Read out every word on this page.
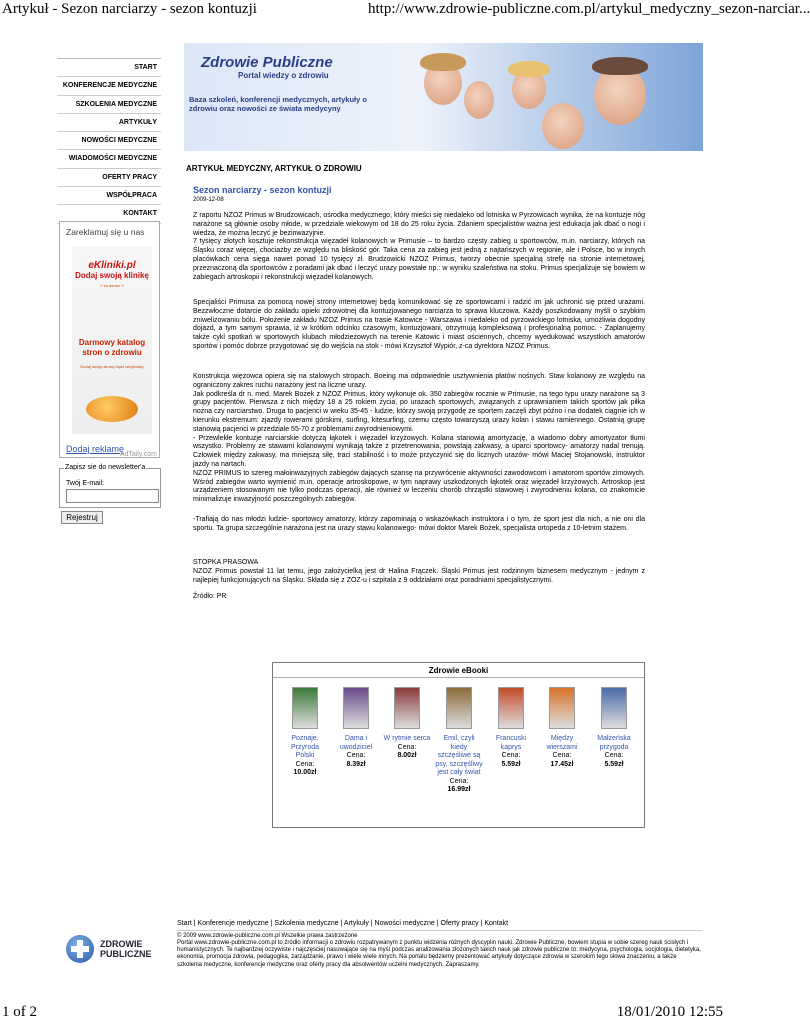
Artykuł - Sezon narciarzy - sezon kontuzji	http://www.zdrowie-publiczne.com.pl/artykul_medyczny_sezon-narciar...
START
KONFERENCJE MEDYCZNE
SZKOLENIA MEDYCZNE
ARTYKUŁY
NOWOŚCI MEDYCZNE
WIADOMOŚCI MEDYCZNE
OFERTY PRACY
WSPÓŁPRACA
KONTAKT
Zareklamuj się u nas
eKliniki.pl
Dodaj swoją klinikę
!! za darmo !!
Darmowy katalog stron o zdrowiu
Dodaj swoją stronę bądź wizytówkę
Dodaj reklamę
AdTaily.com
Zapisz sie do newsletter'a
Twój E-mail:
Rejestruj
Zdrowie Publiczne
Portal wiedzy o zdrowiu
Baza szkoleń, konferencji medycznych, artykuły o zdrowiu oraz nowości ze świata medycyny
ARTYKUŁ MEDYCZNY, ARTYKUŁ O ZDROWIU
Sezon narciarzy - sezon kontuzji
2009-12-08

Z raportu NZOZ Primus w Brudzowicach, ośrodka medycznego, który mieści się niedaleko od lotniska w Pyrzowicach wynika, że na kontuzje nóg narażone są głównie osoby młode, w przedziale wiekowym od 18 do 25 roku życia. Zdaniem specjalistów ważna jest edukacja jak dbać o nogi i wiedza, że można leczyć je bezinwazyjnie.

7 tysięcy złotych kosztuje rekonstrukcja więzadeł kolanowych w Primusie – to bardzo częsty zabieg u sportowców, m.in. narciarzy, których na Śląsku coraz więcej, chociażby ze względu na bliskość gór. Taka cena za zabieg jest jedną z najtańszych w regionie, ale i Polsce, bo w innych placówkach cena sięga nawet ponad 10 tysięcy zł. Brudzowicki NZOZ Primus, tworzy obecnie specjalną strefę na stronie internetowej, przeznaczoną dla sportowców z poradami jak dbać i leczyć urazy powstałe np.: w wyniku szaleństwa na stoku. Primus specjalizuje się bowiem w zabiegach artroskopii i rekonstrukcji więzadeł kolanowych.

Specjaliści Primusa za pomocą nowej strony internetowej będą komunikować się ze sportowcami i radzić im jak uchronić się przed urazami. Bezzwłoczne dotarcie do zakładu opieki zdrowotnej dla kontuzjowanego narciarza to sprawa kluczowa. Każdy poszkodowany myśli o szybkim zniwelizowaniu bólu. Położenie zakładu NZOZ Primus na trasie Katowice - Warszawa i niedaleko od pyrzowickiego lotniska, umożliwia dogodny dojazd, a tym samym sprawia, iż w krótkim odcinku czasowym, kontuzjowani, otrzymują kompleksową i profesjonalną pomoc. - Zaplanujemy także cykl spotkań w sportowych klubach młodzieżowych na terenie Katowic i miast ościennych, chcemy wyedukować wszystkich amatorów sportów i pomóc dobrze przygotować się do wejścia na stok - mówi Krzysztof Wypiór, z-ca dyrektora NZOZ Primus.

Konstrukcja więzowca opiera się na stalowych stropach. Boeing ma odpowiednie usztywnienia płatów nośnych. Staw kolanowy ze względu na ograniczony zakres ruchu narażony jest na liczne urazy.

Jak podkreśla dr n. med. Marek Bożek z NZOZ Primus, który wykonuje ok. 350 zabiegów rocznie w Primusie, na tego typu urazy narażone są 3 grupy pacjentów. Pierwsza z nich między 18 a 25 rokiem życia, po urazach sportowych, związanych z uprawnianiem takich sportów jak piłka nożna czy narciarstwo. Druga to pacjenci w wieku 35-45 - ludzie, którzy swoją przygodę ze sportem zaczęli zbyt późno i na dodatek ciągnie ich w kierunku ekstremum: zjazdy rowerami górskimi, surfing, kitesurfing, czemu często towarzyszą urazy kolan i stawu ramiennego. Ostatnią grupę stanowią pacjenci w przedziale 55-70 z problemami zwyrodnieniowymi.

- Przewlekłe kontuzje narciarskie dotyczą łąkotek i więzadeł krzyżowych. Kolana stanowią amortyzację, a wiadomo dobry amortyzator tłumi wszystko. Problemy ze stawami kolanowymi wynikają także z przetrenowania, powstają zakwasy, a uparci sportowcy- amatorzy nadal trenują. Człowiek między zakwasy, ma mniejszą siłę, traci stabilność i to może przyczynić się do licznych urazów- mówi Maciej Stojanowski, instruktor jazdy na nartach.

NZOZ PRIMUS to szereg małoinwazyjnych zabiegów dających szansę na przywrócenie aktywności zawodowcom i amatorom sportów zimowych. Wśród zabiegów warto wymienić m.in. operacje artroskopowe, w tym naprawy uszkodzonych łąkotek oraz więzadeł krzyżowych. Artroskop jest urządzeniem stosowanym nie tylko podczas operacji, ale również w leczeniu chorób chrząstki stawowej i zwyrodnieniu kolana, co znakomicie minimalizuje inwazyjność poszczególnych zabiegów.

-Trafiają do nas młodzi ludzie- sportowcy amatorzy, którzy zapominają o wskazówkach instruktora i o tym, że sport jest dla nich, a nie oni dla sportu. Ta grupa szczególnie narażona jest na urazy stawu kolanowego- mówi doktor Marek Bożek, specjalista ortopeda z 10-letnim stażem.

STOPKA PRASOWA

NZOZ Primus powstał 11 lat temu, jego założycielką jest dr Halina Frączek. Śląski Primus jest rodzinnym biznesem medycznym - jednym z najlepiej funkcjonujących na Śląsku. Składa się z ZOZ-u i szpitala z 9 oddziałami oraz poradniami specjalistycznymi.

Źródło: PR

Zdrowie eBooki
Poznaje. Przyroda Polski
Cena:
10.00zł
Dama i uwodziciel
Cena:
8.39zł
W rytmie serca
Cena:
8.00zł
Emil, czyli kiedy szczęśliwe są psy, szczęśliwy jest cały świat
Cena:
16.99zł
Francuski kaprys
Cena:
5.59zł
Między wierszami
Cena:
17.45zł
Małżeńska przygoda
Cena:
5.59zł
ZDROWIE PUBLICZNE
Start | Konferencje medyczne | Szkolenia medyczne | Artykuły | Nowości medyczne | Oferty pracy | Kontakt
© 2009 www.zdrowie-publiczne.com.pl Wszelkie prawa zastrzeżone
Portal www.zdrowie-publiczne.com.pl to źródło informacji o zdrowiu rozpatrywanym z punktu widzenia różnych dyscyplin nauki. Zdrowie Publiczne, bowiem stupia w sobie szereg nauk ścisłych i humanistycznych. Te najbardziej oczywiste i najczęściej nasuwające się na myśl podczas analizowania złożonych takich nauk jak zdrowie publiczne to: medycyna, psychologia, socjologia, dietetyka, ekonomia, promocja zdrowia, pedagogika, zarządzanie, prawo i wiele wiele innych. Na portalu będziemy prezentować artykuły dotyczące zdrowia w szerokim tego słowa znaczeniu, a także szkolenia medyczne, konferencje medyczne oraz oferty pracy dla absolwentów uczelni medycznych. Zapraszamy.
1 of 2	18/01/2010 12:55
